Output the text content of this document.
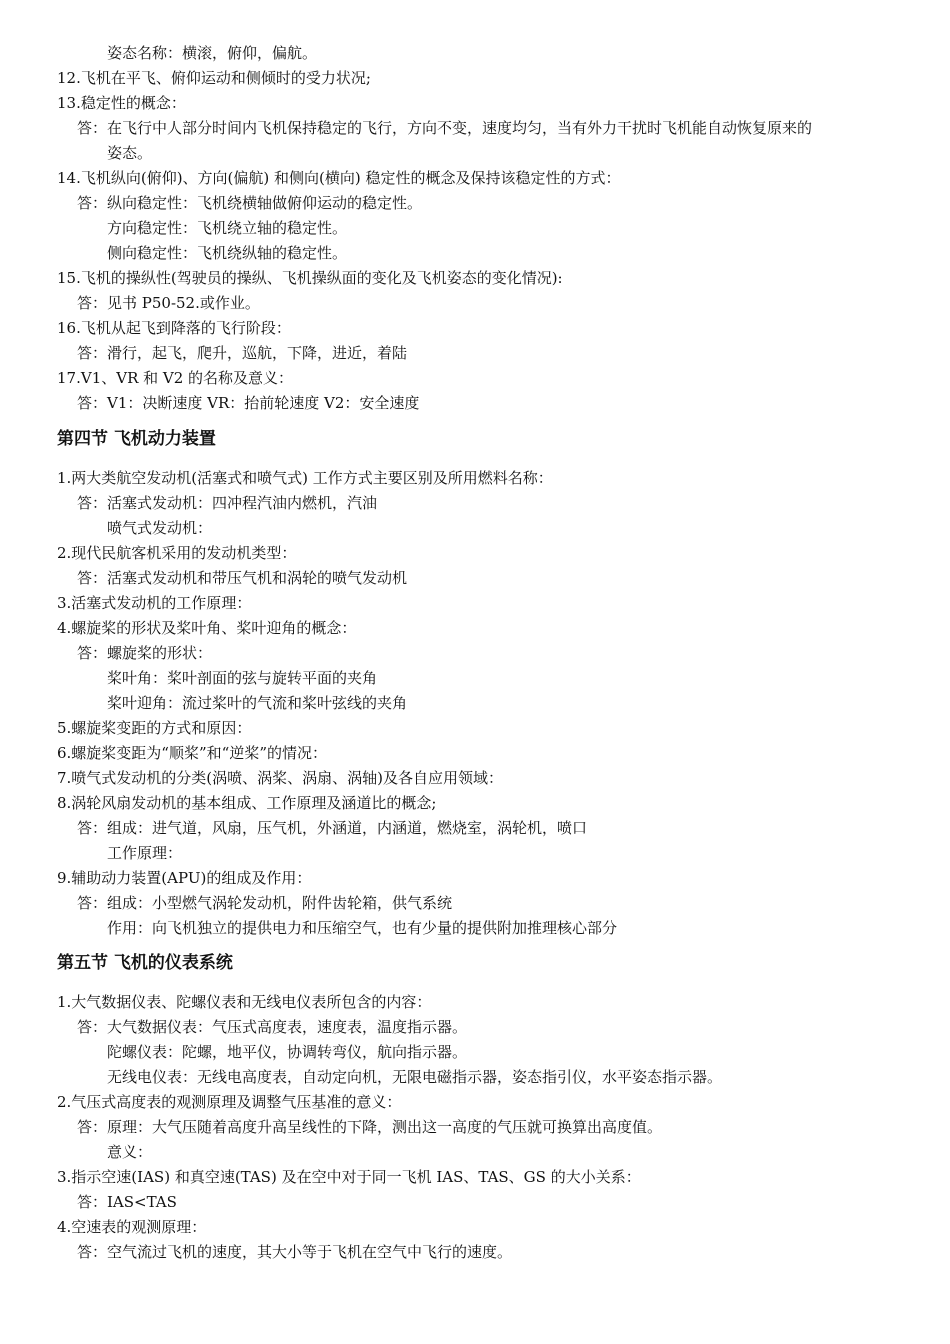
姿态名称：横滚，俯仰，偏航。
12.飞机在平飞、俯仰运动和侧倾时的受力状况;
13.稳定性的概念：
答：在飞行中人部分时间内飞机保持稳定的飞行，方向不变，速度均匀，当有外力干扰时飞机能自动恢复原来的
姿态。
14.飞机纵向(俯仰)、方向(偏航) 和侧向(横向) 稳定性的概念及保持该稳定性的方式：
答：纵向稳定性：飞机绕横轴做俯仰运动的稳定性。
方向稳定性：飞机绕立轴的稳定性。
侧向稳定性：飞机绕纵轴的稳定性。
15.飞机的操纵性(驾驶员的操纵、飞机操纵面的变化及飞机姿态的变化情况):
答：见书 P50-52.或作业。
16.飞机从起飞到降落的飞行阶段：
答：滑行，起飞，爬升，巡航，下降，进近，着陆
17.V1、VR 和 V2 的名称及意义：
答：V1：决断速度 VR：抬前轮速度 V2：安全速度
第四节 飞机动力装置
1.两大类航空发动机(活塞式和喷气式) 工作方式主要区别及所用燃料名称：
答：活塞式发动机：四冲程汽油内燃机，汽油
喷气式发动机：
2.现代民航客机采用的发动机类型：
答：活塞式发动机和带压气机和涡轮的喷气发动机
3.活塞式发动机的工作原理：
4.螺旋桨的形状及桨叶角、桨叶迎角的概念：
答：螺旋桨的形状：
桨叶角：桨叶剖面的弦与旋转平面的夹角
桨叶迎角：流过桨叶的气流和桨叶弦线的夹角
5.螺旋桨变距的方式和原因：
6.螺旋桨变距为“顺桨”和“逆桨”的情况：
7.喷气式发动机的分类(涡喷、涡桨、涡扇、涡轴)及各自应用领域：
8.涡轮风扇发动机的基本组成、工作原理及涵道比的概念;
答：组成：进气道，风扇，压气机，外涵道，内涵道，燃烧室，涡轮机，喷口
工作原理：
9.辅助动力装置(APU)的组成及作用：
答：组成：小型燃气涡轮发动机，附件齿轮箱，供气系统
作用：向飞机独立的提供电力和压缩空气，也有少量的提供附加推理核心部分
第五节 飞机的仪表系统
1.大气数据仪表、陀螺仪表和无线电仪表所包含的内容：
答：大气数据仪表：气压式高度表，速度表，温度指示器。
陀螺仪表：陀螺，地平仪，协调转弯仪，航向指示器。
无线电仪表：无线电高度表，自动定向机，无限电磁指示器，姿态指引仪，水平姿态指示器。
2.气压式高度表的观测原理及调整气压基准的意义：
答：原理：大气压随着高度升高呈线性的下降，测出这一高度的气压就可换算出高度值。
意义：
3.指示空速(IAS) 和真空速(TAS) 及在空中对于同一飞机 IAS、TAS、GS 的大小关系：
答：IAS<TAS
4.空速表的观测原理：
答：空气流过飞机的速度，其大小等于飞机在空气中飞行的速度。
